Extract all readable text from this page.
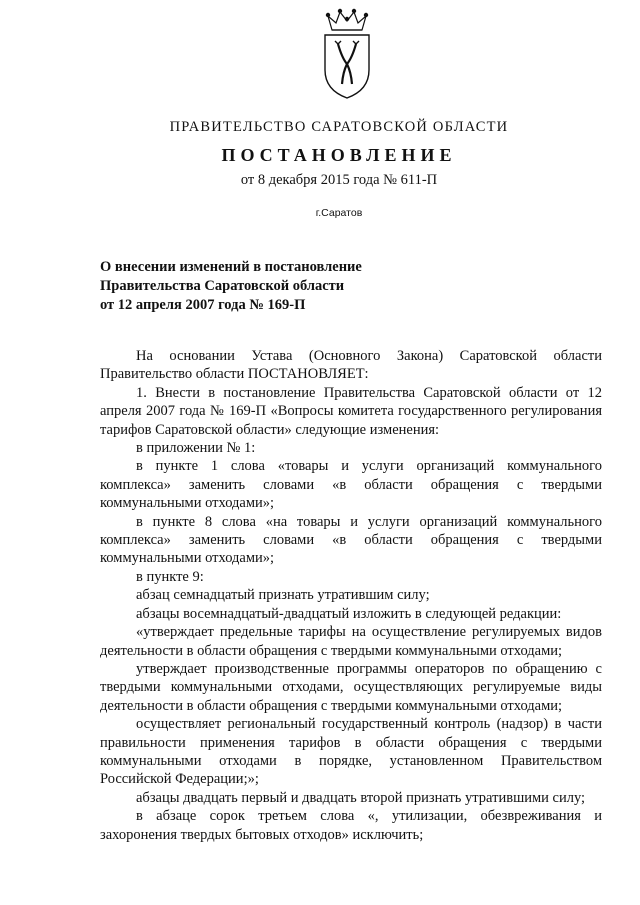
ПРАВИТЕЛЬСТВО САРАТОВСКОЙ ОБЛАСТИ
ПОСТАНОВЛЕНИЕ
от 8 декабря 2015 года № 611-П
г.Саратов
О внесении изменений в постановление
Правительства Саратовской области
от 12 апреля 2007 года № 169-П

На основании Устава (Основного Закона) Саратовской области Правительство области ПОСТАНОВЛЯЕТ:

1. Внести в постановление Правительства Саратовской области от 12 апреля 2007 года № 169-П «Вопросы комитета государственного регулирования тарифов Саратовской области» следующие изменения:

в приложении № 1:

в пункте 1 слова «товары и услуги организаций коммунального комплекса» заменить словами «в области обращения с твердыми коммунальными отходами»;

в пункте 8 слова «на товары и услуги организаций коммунального комплекса» заменить словами «в области обращения с твердыми коммунальными отходами»;

в пункте 9:

абзац семнадцатый признать утратившим силу;

абзацы восемнадцатый-двадцатый изложить в следующей редакции:

«утверждает предельные тарифы на осуществление регулируемых видов деятельности в области обращения с твердыми коммунальными отходами;

утверждает производственные программы операторов по обращению с твердыми коммунальными отходами, осуществляющих регулируемые виды деятельности в области обращения с твердыми коммунальными отходами;

осуществляет региональный государственный контроль (надзор) в части правильности применения тарифов в области обращения с твердыми коммунальными отходами в порядке, установленном Правительством Российской Федерации;»;

абзацы двадцать первый и двадцать второй признать утратившими силу;

в абзаце сорок третьем слова «, утилизации, обезвреживания и захоронения твердых бытовых отходов» исключить;
